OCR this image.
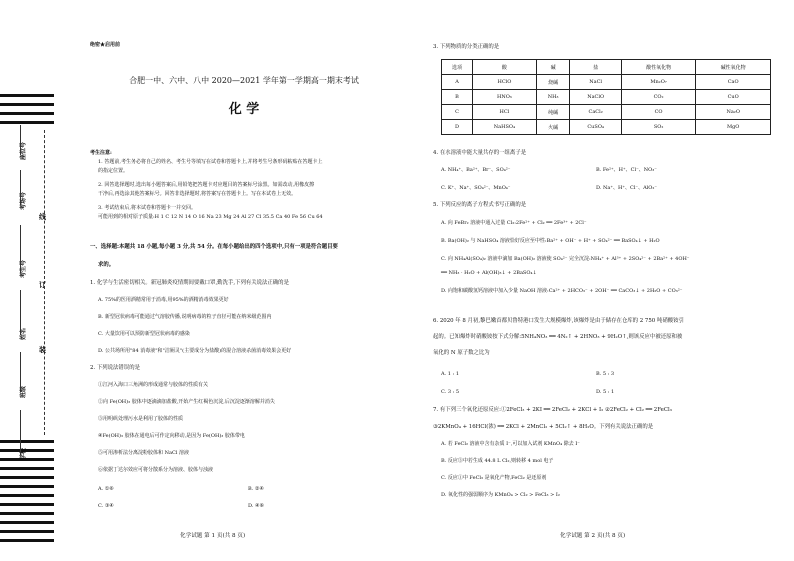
座位号
考场号
考生号
姓名
班级
学校
线
订
装
绝密★启用前
合肥一中、六中、八中 2020—2021 学年第一学期高一期末考试
化 学
考生注意:
1. 答题前,考生务必将自己的姓名、考生号等填写在试卷和答题卡上,并将考生号条形码粘贴在答题卡上
的指定位置。
2. 回答选择题时,选出每小题答案后,用铅笔把答题卡对应题目的答案标号涂黑。如需改动,用橡皮擦
干净后,再选涂其他答案标号。回答非选择题时,将答案写在答题卡上。写在本试卷上无效。
3. 考试结束后,将本试卷和答题卡一并交回。
可能用到的相对原子质量:H 1 C 12 N 14 O 16 Na 23 Mg 24 Al 27 Cl 35.5 Ca 40 Fe 56 Cu 64
一、选择题:本题共 18 小题,每小题 3 分,共 54 分。在每小题给出的四个选项中,只有一项是符合题目要
求的。
1. 化学与生活密切相关。新冠肺炎疫情期间要戴口罩,勤洗手,下列有关说法正确的是
A. 75%的医用酒精常用于消毒,用95%的酒精消毒效果更好
B. 新型冠状病毒可能通过气溶胶传播,说明病毒的粒子直径可能在纳米级范围内
C. 大量饮用可以预防新型冠状病毒的感染
D. 公共场所用"84 消毒液"和"洁厕灵"(主要成分为盐酸)的混合溶液杀菌消毒效果会更好
2. 下列说法错误的是
①江河入海口三角洲的形成通常与胶体的性质有关
②向 Fe(OH)₃ 胶体中逐滴滴加盐酸,开始产生红褐色沉淀,后沉淀逐渐溶解并消失
③用明矾处理污水是利用了胶体的性质
④Fe(OH)₃ 胶体在通电后可作定向移动,是因为 Fe(OH)₃ 胶体带电
⑤可用渗析法分离淀粉胶体和 NaCl 溶液
⑥依据丁达尔效应可将分散系分为溶液、胶体与浊液
A. ①⑥	B. ②④
C. ③④	D. ④⑥
化学试题 第 1 页(共 8 页)
3. 下列物质的分类正确的是
选项	酸	碱	盐	酸性氧化物	碱性氧化物
A	HClO	烧碱	NaCl	Mn₂O₇	CaO
B	HNO₃	NH₃	NaClO	CO₂	CuO
C	HCl	纯碱	CaCl₂	CO	Na₂O
D	NaHSO₄	火碱	CuSO₄	SO₂	MgO
4. 在水溶液中能大量共存的一组离子是
A. NH₄⁺、Ba²⁺、Br⁻、SO₄²⁻	B. Fe²⁺、H⁺、Cl⁻、NO₃⁻
C. K⁺、Na⁺、SO₄²⁻、MnO₄⁻	D. Na⁺、H⁺、Cl⁻、AlO₂⁻
5. 下列反应的离子方程式书写正确的是
A. 向 FeBr₂ 溶液中通入过量 Cl₂:2Fe²⁺ + Cl₂ ══ 2Fe³⁺ + 2Cl⁻
B. Ba(OH)₂ 与 NaHSO₄ 溶液恰好反应至中性:Ba²⁺ + OH⁻ + H⁺ + SO₄²⁻ ══ BaSO₄↓ + H₂O
C. 向 NH₄Al(SO₄)₂ 溶液中滴加 Ba(OH)₂ 溶液使 SO₄²⁻ 完全沉淀:NH₄⁺ + Al³⁺ + 2SO₄²⁻ + 2Ba²⁺ + 4OH⁻
══ NH₃ · H₂O + Al(OH)₃↓ + 2BaSO₄↓
D. 向饱和碳酸氢钙溶液中加入少量 NaOH 溶液:Ca²⁺ + 2HCO₃⁻ + 2OH⁻ ══ CaCO₃↓ + 2H₂O + CO₃²⁻
6. 2020 年 8 月初,黎巴嫩首都贝鲁特港口发生大规模爆炸,该爆炸是由于储存在仓库的 2 750 吨硝酸铵引
起的。已知爆炸时硝酸铵按下式分解:5NH₄NO₃ ══ 4N₂↑ + 2HNO₃ + 9H₂O↑,则该反应中被还原和被
氧化的 N 原子数之比为
A. 1 : 1	B. 5 : 3
C. 3 : 5	D. 5 : 1
7. 有下列三个氧化还原反应:①2FeCl₃ + 2KI ══ 2FeCl₂ + 2KCl + I₂ ②2FeCl₂ + Cl₂ ══ 2FeCl₃
③2KMnO₄ + 16HCl(浓) ══ 2KCl + 2MnCl₂ + 5Cl₂↑ + 8H₂O。下列有关说法正确的是
A. 若 FeCl₂ 溶液中含有杂质 I⁻,可以加入试剂 KMnO₄ 除去 I⁻
B. 反应③中若生成 44.8 L Cl₂,则转移 4 mol 电子
C. 反应①中 FeCl₃ 是氧化产物,FeCl₂ 是还原剂
D. 氧化性的强弱顺序为 KMnO₄ > Cl₂ > FeCl₃ > I₂
化学试题 第 2 页(共 8 页)
